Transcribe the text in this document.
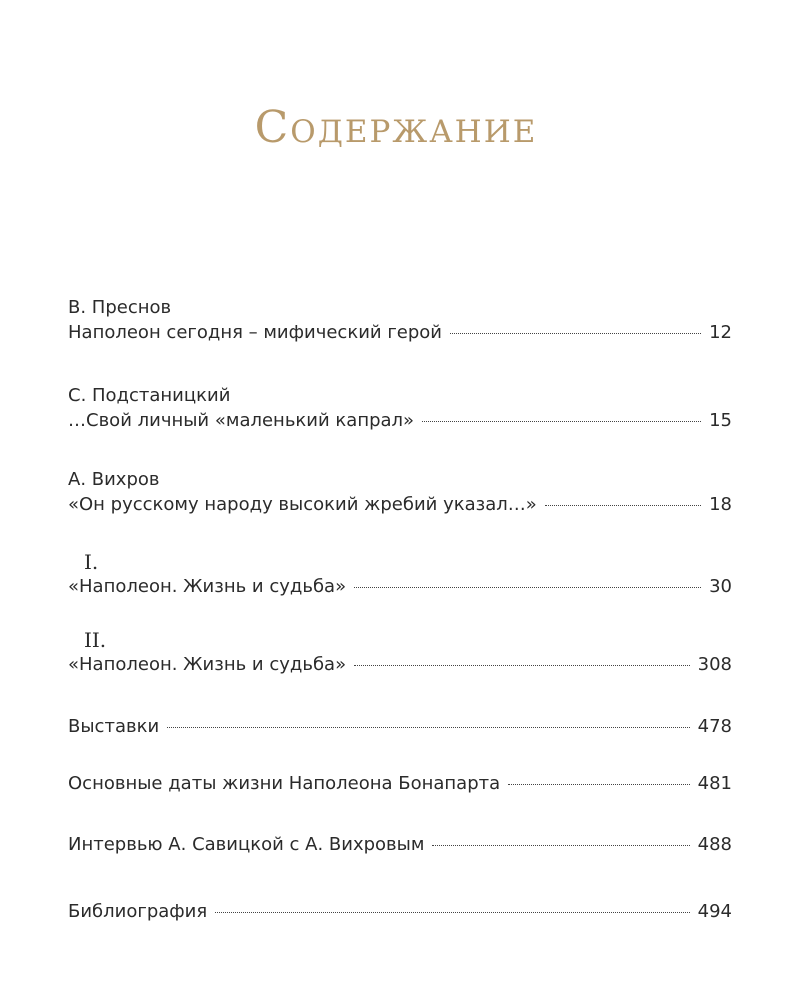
Содержание
В. Преснов
Наполеон сегодня – мифический герой	12
С. Подстаницкий
…Свой личный «маленький капрал»	15
А. Вихров
«Он русскому народу высокий жребий указал…»	18
I.
«Наполеон. Жизнь и судьба»	30
II.
«Наполеон. Жизнь и судьба»	308
Выставки	478
Основные даты жизни Наполеона Бонапарта	481
Интервью А. Савицкой с А. Вихровым	488
Библиография	494
